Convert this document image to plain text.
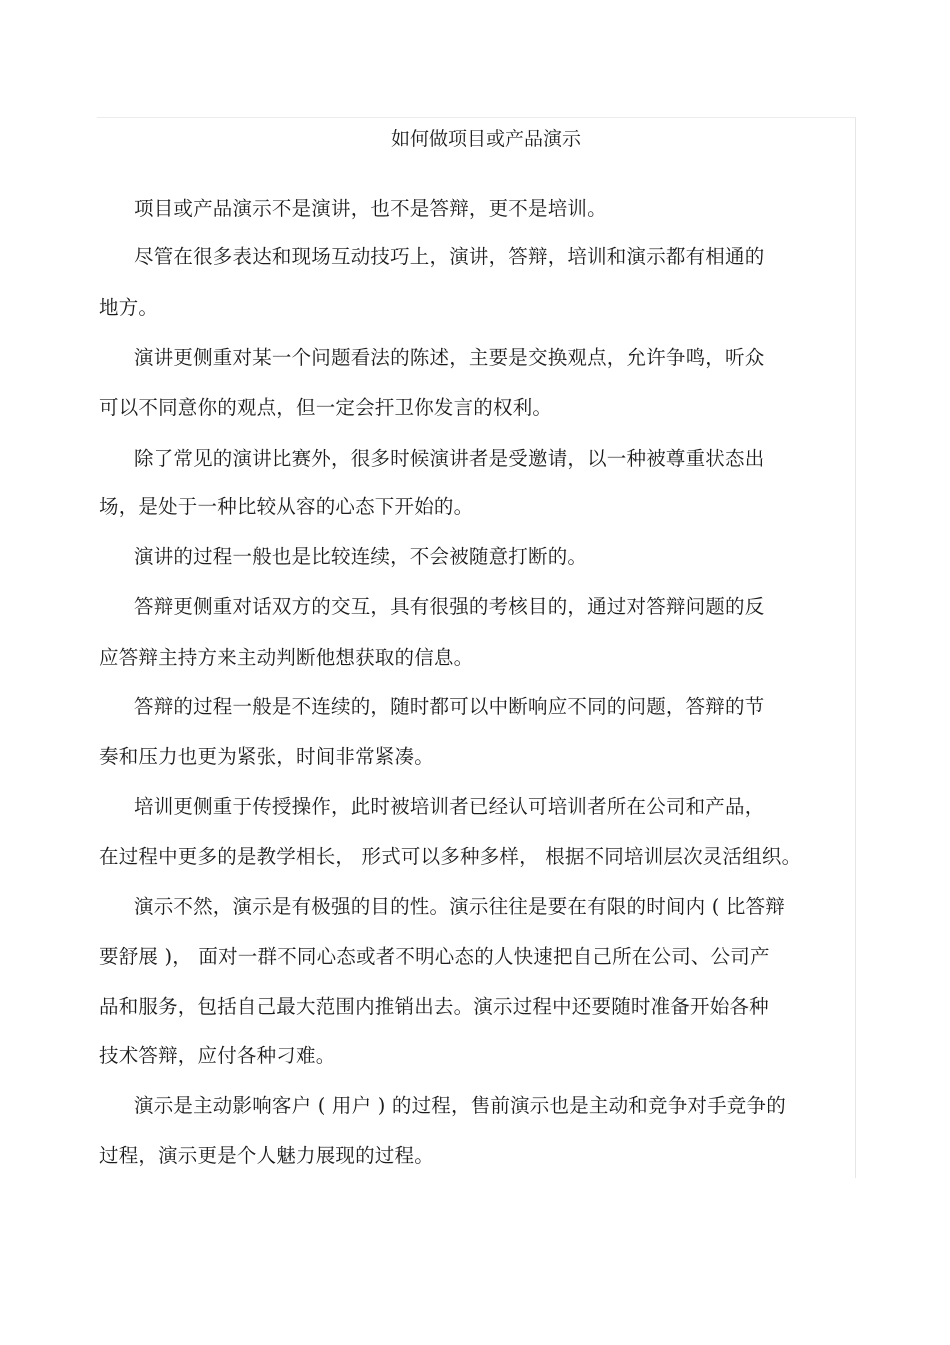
如何做项目或产品演示
项目或产品演示不是演讲，也不是答辩，更不是培训。
尽管在很多表达和现场互动技巧上，演讲，答辩，培训和演示都有相通的
地方。
演讲更侧重对某一个问题看法的陈述，主要是交换观点，允许争鸣，听众
可以不同意你的观点，但一定会扞卫你发言的权利。
除了常见的演讲比赛外，很多时候演讲者是受邀请，以一种被尊重状态出
场，是处于一种比较从容的心态下开始的。
演讲的过程一般也是比较连续，不会被随意打断的。
答辩更侧重对话双方的交互，具有很强的考核目的，通过对答辩问题的反
应答辩主持方来主动判断他想获取的信息。
答辩的过程一般是不连续的，随时都可以中断响应不同的问题，答辩的节
奏和压力也更为紧张，时间非常紧凑。
培训更侧重于传授操作，此时被培训者已经认可培训者所在公司和产品，
在过程中更多的是教学相长， 形式可以多种多样， 根据不同培训层次灵活组织。
演示不然，演示是有极强的目的性。演示往往是要在有限的时间内 ( 比答辩
要舒展 )， 面对一群不同心态或者不明心态的人快速把自己所在公司、公司产
品和服务，包括自己最大范围内推销出去。演示过程中还要随时准备开始各种
技术答辩，应付各种刁难。
演示是主动影响客户 ( 用户 ) 的过程，售前演示也是主动和竞争对手竞争的
过程，演示更是个人魅力展现的过程。
